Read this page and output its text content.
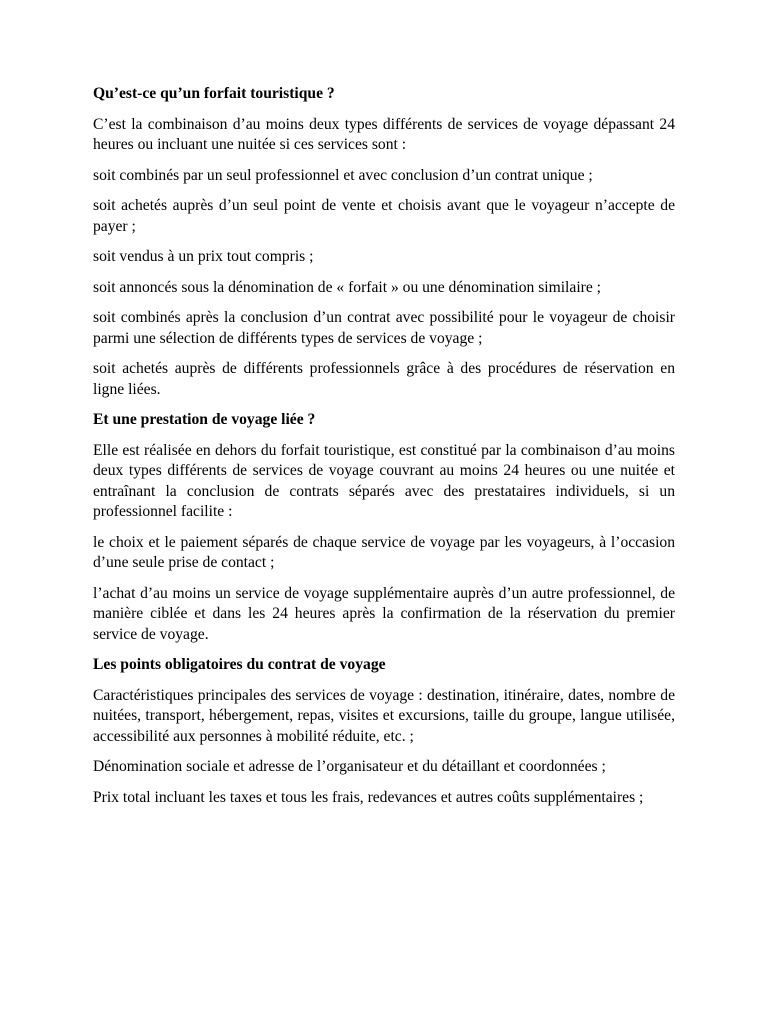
Qu’est-ce qu’un forfait touristique ?

C’est la combinaison d’au moins deux types différents de services de voyage dépassant 24 heures ou incluant une nuitée si ces services sont :

soit combinés par un seul professionnel et avec conclusion d’un contrat unique ;

soit achetés auprès d’un seul point de vente et choisis avant que le voyageur n’accepte de payer ;

soit vendus à un prix tout compris ;

soit annoncés sous la dénomination de « forfait » ou une dénomination similaire ;

soit combinés après la conclusion d’un contrat avec possibilité pour le voyageur de choisir parmi une sélection de différents types de services de voyage ;

soit achetés auprès de différents professionnels grâce à des procédures de réservation en ligne liées.

Et une prestation de voyage liée ?

Elle est réalisée en dehors du forfait touristique, est constitué par la combinaison d’au moins deux types différents de services de voyage couvrant au moins 24 heures ou une nuitée et entraînant la conclusion de contrats séparés avec des prestataires individuels, si un professionnel facilite :

le choix et le paiement séparés de chaque service de voyage par les voyageurs, à l’occasion d’une seule prise de contact ;

l’achat d’au moins un service de voyage supplémentaire auprès d’un autre professionnel, de manière ciblée et dans les 24 heures après la confirmation de la réservation du premier service de voyage.

Les points obligatoires du contrat de voyage

Caractéristiques principales des services de voyage : destination, itinéraire, dates, nombre de nuitées, transport, hébergement, repas, visites et excursions, taille du groupe, langue utilisée, accessibilité aux personnes à mobilité réduite, etc. ;

Dénomination sociale et adresse de l’organisateur et du détaillant et coordonnées ;

Prix total incluant les taxes et tous les frais, redevances et autres coûts supplémentaires ;
